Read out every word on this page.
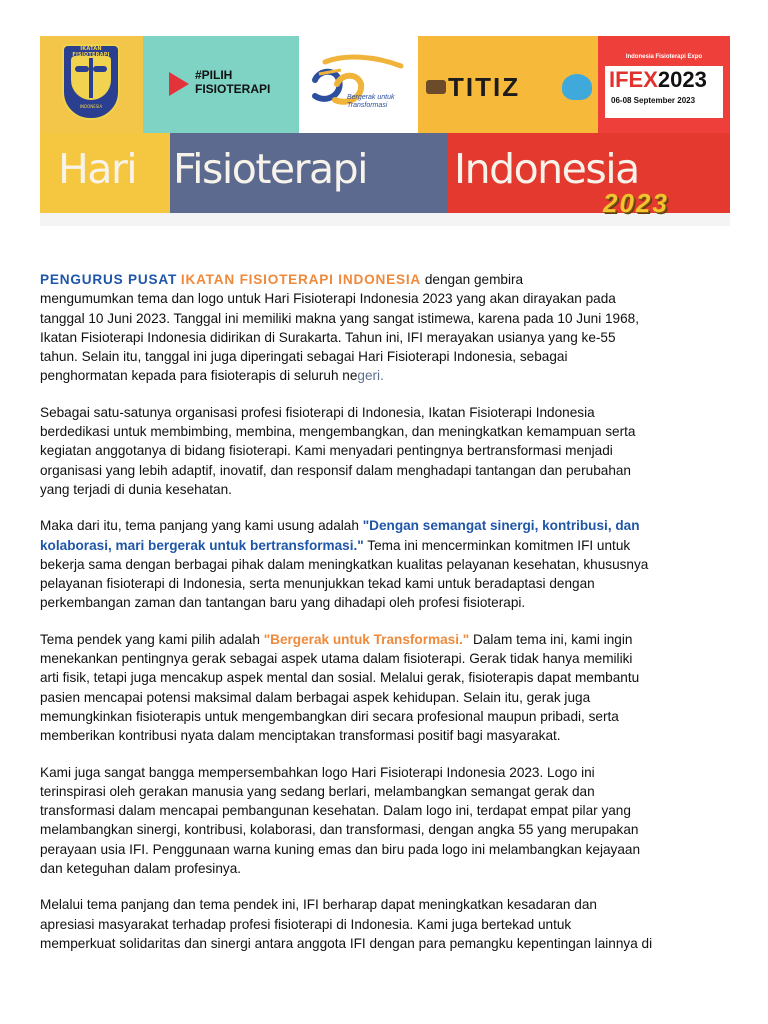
IKATAN FISIOTERAPI
INDONESIA
#PILIH
FISIOTERAPI
Bergerak untuk
Transformasi
TITIZ
Indonesia Fisioterapi Expo
IFEX2023
06-08 September 2023
Hari Fisioterapi Indonesia
2023

PENGURUS PUSAT IKATAN FISIOTERAPI INDONESIA dengan gembira
mengumumkan tema dan logo untuk Hari Fisioterapi Indonesia 2023 yang akan dirayakan pada
tanggal 10 Juni 2023. Tanggal ini memiliki makna yang sangat istimewa, karena pada 10 Juni 1968,
Ikatan Fisioterapi Indonesia didirikan di Surakarta. Tahun ini, IFI merayakan usianya yang ke-55
tahun. Selain itu, tanggal ini juga diperingati sebagai Hari Fisioterapi Indonesia, sebagai
penghormatan kepada para fisioterapis di seluruh negeri.

Sebagai satu-satunya organisasi profesi fisioterapi di Indonesia, Ikatan Fisioterapi Indonesia
berdedikasi untuk membimbing, membina, mengembangkan, dan meningkatkan kemampuan serta
kegiatan anggotanya di bidang fisioterapi. Kami menyadari pentingnya bertransformasi menjadi
organisasi yang lebih adaptif, inovatif, dan responsif dalam menghadapi tantangan dan perubahan
yang terjadi di dunia kesehatan.

Maka dari itu, tema panjang yang kami usung adalah "Dengan semangat sinergi, kontribusi, dan
kolaborasi, mari bergerak untuk bertransformasi." Tema ini mencerminkan komitmen IFI untuk
bekerja sama dengan berbagai pihak dalam meningkatkan kualitas pelayanan kesehatan, khususnya
pelayanan fisioterapi di Indonesia, serta menunjukkan tekad kami untuk beradaptasi dengan
perkembangan zaman dan tantangan baru yang dihadapi oleh profesi fisioterapi.

Tema pendek yang kami pilih adalah "Bergerak untuk Transformasi." Dalam tema ini, kami ingin
menekankan pentingnya gerak sebagai aspek utama dalam fisioterapi. Gerak tidak hanya memiliki
arti fisik, tetapi juga mencakup aspek mental dan sosial. Melalui gerak, fisioterapis dapat membantu
pasien mencapai potensi maksimal dalam berbagai aspek kehidupan. Selain itu, gerak juga
memungkinkan fisioterapis untuk mengembangkan diri secara profesional maupun pribadi, serta
memberikan kontribusi nyata dalam menciptakan transformasi positif bagi masyarakat.

Kami juga sangat bangga mempersembahkan logo Hari Fisioterapi Indonesia 2023. Logo ini
terinspirasi oleh gerakan manusia yang sedang berlari, melambangkan semangat gerak dan
transformasi dalam mencapai pembangunan kesehatan. Dalam logo ini, terdapat empat pilar yang
melambangkan sinergi, kontribusi, kolaborasi, dan transformasi, dengan angka 55 yang merupakan
perayaan usia IFI. Penggunaan warna kuning emas dan biru pada logo ini melambangkan kejayaan
dan keteguhan dalam profesinya.

Melalui tema panjang dan tema pendek ini, IFI berharap dapat meningkatkan kesadaran dan
apresiasi masyarakat terhadap profesi fisioterapi di Indonesia. Kami juga bertekad untuk
memperkuat solidaritas dan sinergi antara anggota IFI dengan para pemangku kepentingan lainnya di
